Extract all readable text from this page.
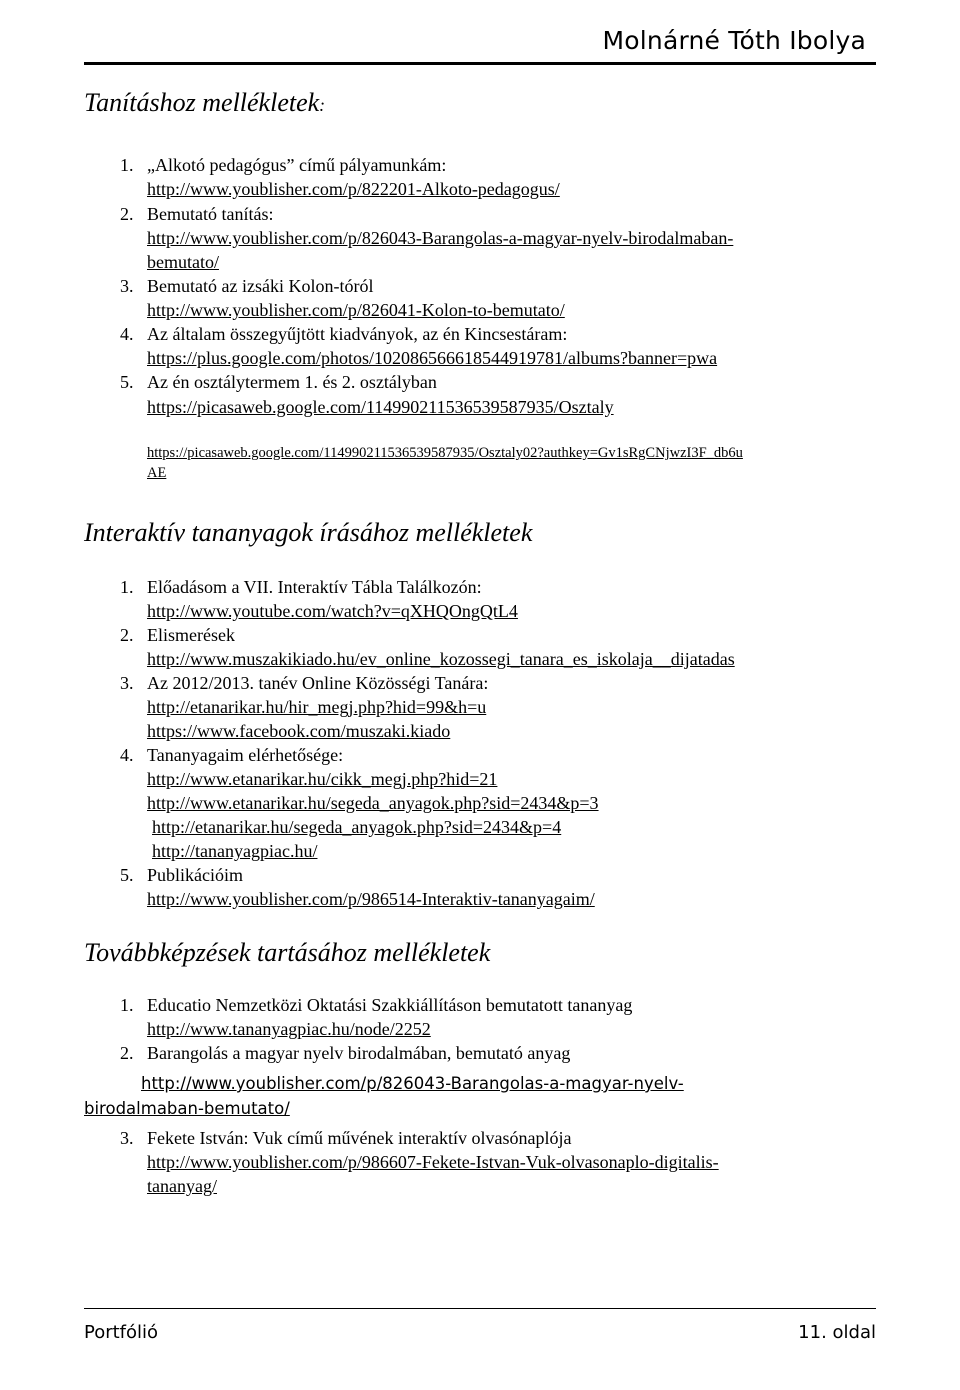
Molnárné Tóth Ibolya
Tanításhoz mellékletek:
1. „Alkotó pedagógus” című pályamunkám:
http://www.youblisher.com/p/822201-Alkoto-pedagogus/
2. Bemutató tanítás:
http://www.youblisher.com/p/826043-Barangolas-a-magyar-nyelv-birodalmaban-
bemutato/
3. Bemutató az izsáki Kolon-tóról
http://www.youblisher.com/p/826041-Kolon-to-bemutato/
4. Az általam összegyűjtött kiadványok, az én Kincsestáram:
https://plus.google.com/photos/102086566618544919781/albums?banner=pwa
5. Az én osztálytermem 1. és 2. osztályban
https://picasaweb.google.com/114990211536539587935/Osztaly
https://picasaweb.google.com/114990211536539587935/Osztaly02?authkey=Gv1sRgCNjwzI3F_db6u
AE
Interaktív tananyagok írásához mellékletek
1. Előadásom a VII. Interaktív Tábla Találkozón:
http://www.youtube.com/watch?v=qXHQOngQtL4
2. Elismerések
http://www.muszakikiado.hu/ev_online_kozossegi_tanara_es_iskolaja__dijatadas
3. Az 2012/2013. tanév Online Közösségi Tanára:
http://etanarikar.hu/hir_megj.php?hid=99&h=u
https://www.facebook.com/muszaki.kiado
4. Tananyagaim elérhetősége:
http://www.etanarikar.hu/cikk_megj.php?hid=21
http://www.etanarikar.hu/segeda_anyagok.php?sid=2434&p=3
http://etanarikar.hu/segeda_anyagok.php?sid=2434&p=4
http://tananyagpiac.hu/
5. Publikációim
http://www.youblisher.com/p/986514-Interaktiv-tananyagaim/
Továbbképzések tartásához mellékletek
1. Educatio Nemzetközi Oktatási Szakkiállításon bemutatott tananyag
http://www.tananyagpiac.hu/node/2252
2. Barangolás a magyar nyelv birodalmában, bemutató anyag
http://www.youblisher.com/p/826043-Barangolas-a-magyar-nyelv-
birodalmaban-bemutato/
3. Fekete István: Vuk című művének interaktív olvasónaplója
http://www.youblisher.com/p/986607-Fekete-Istvan-Vuk-olvasonaplo-digitalis-
tananyag/
Portfólió	11. oldal
